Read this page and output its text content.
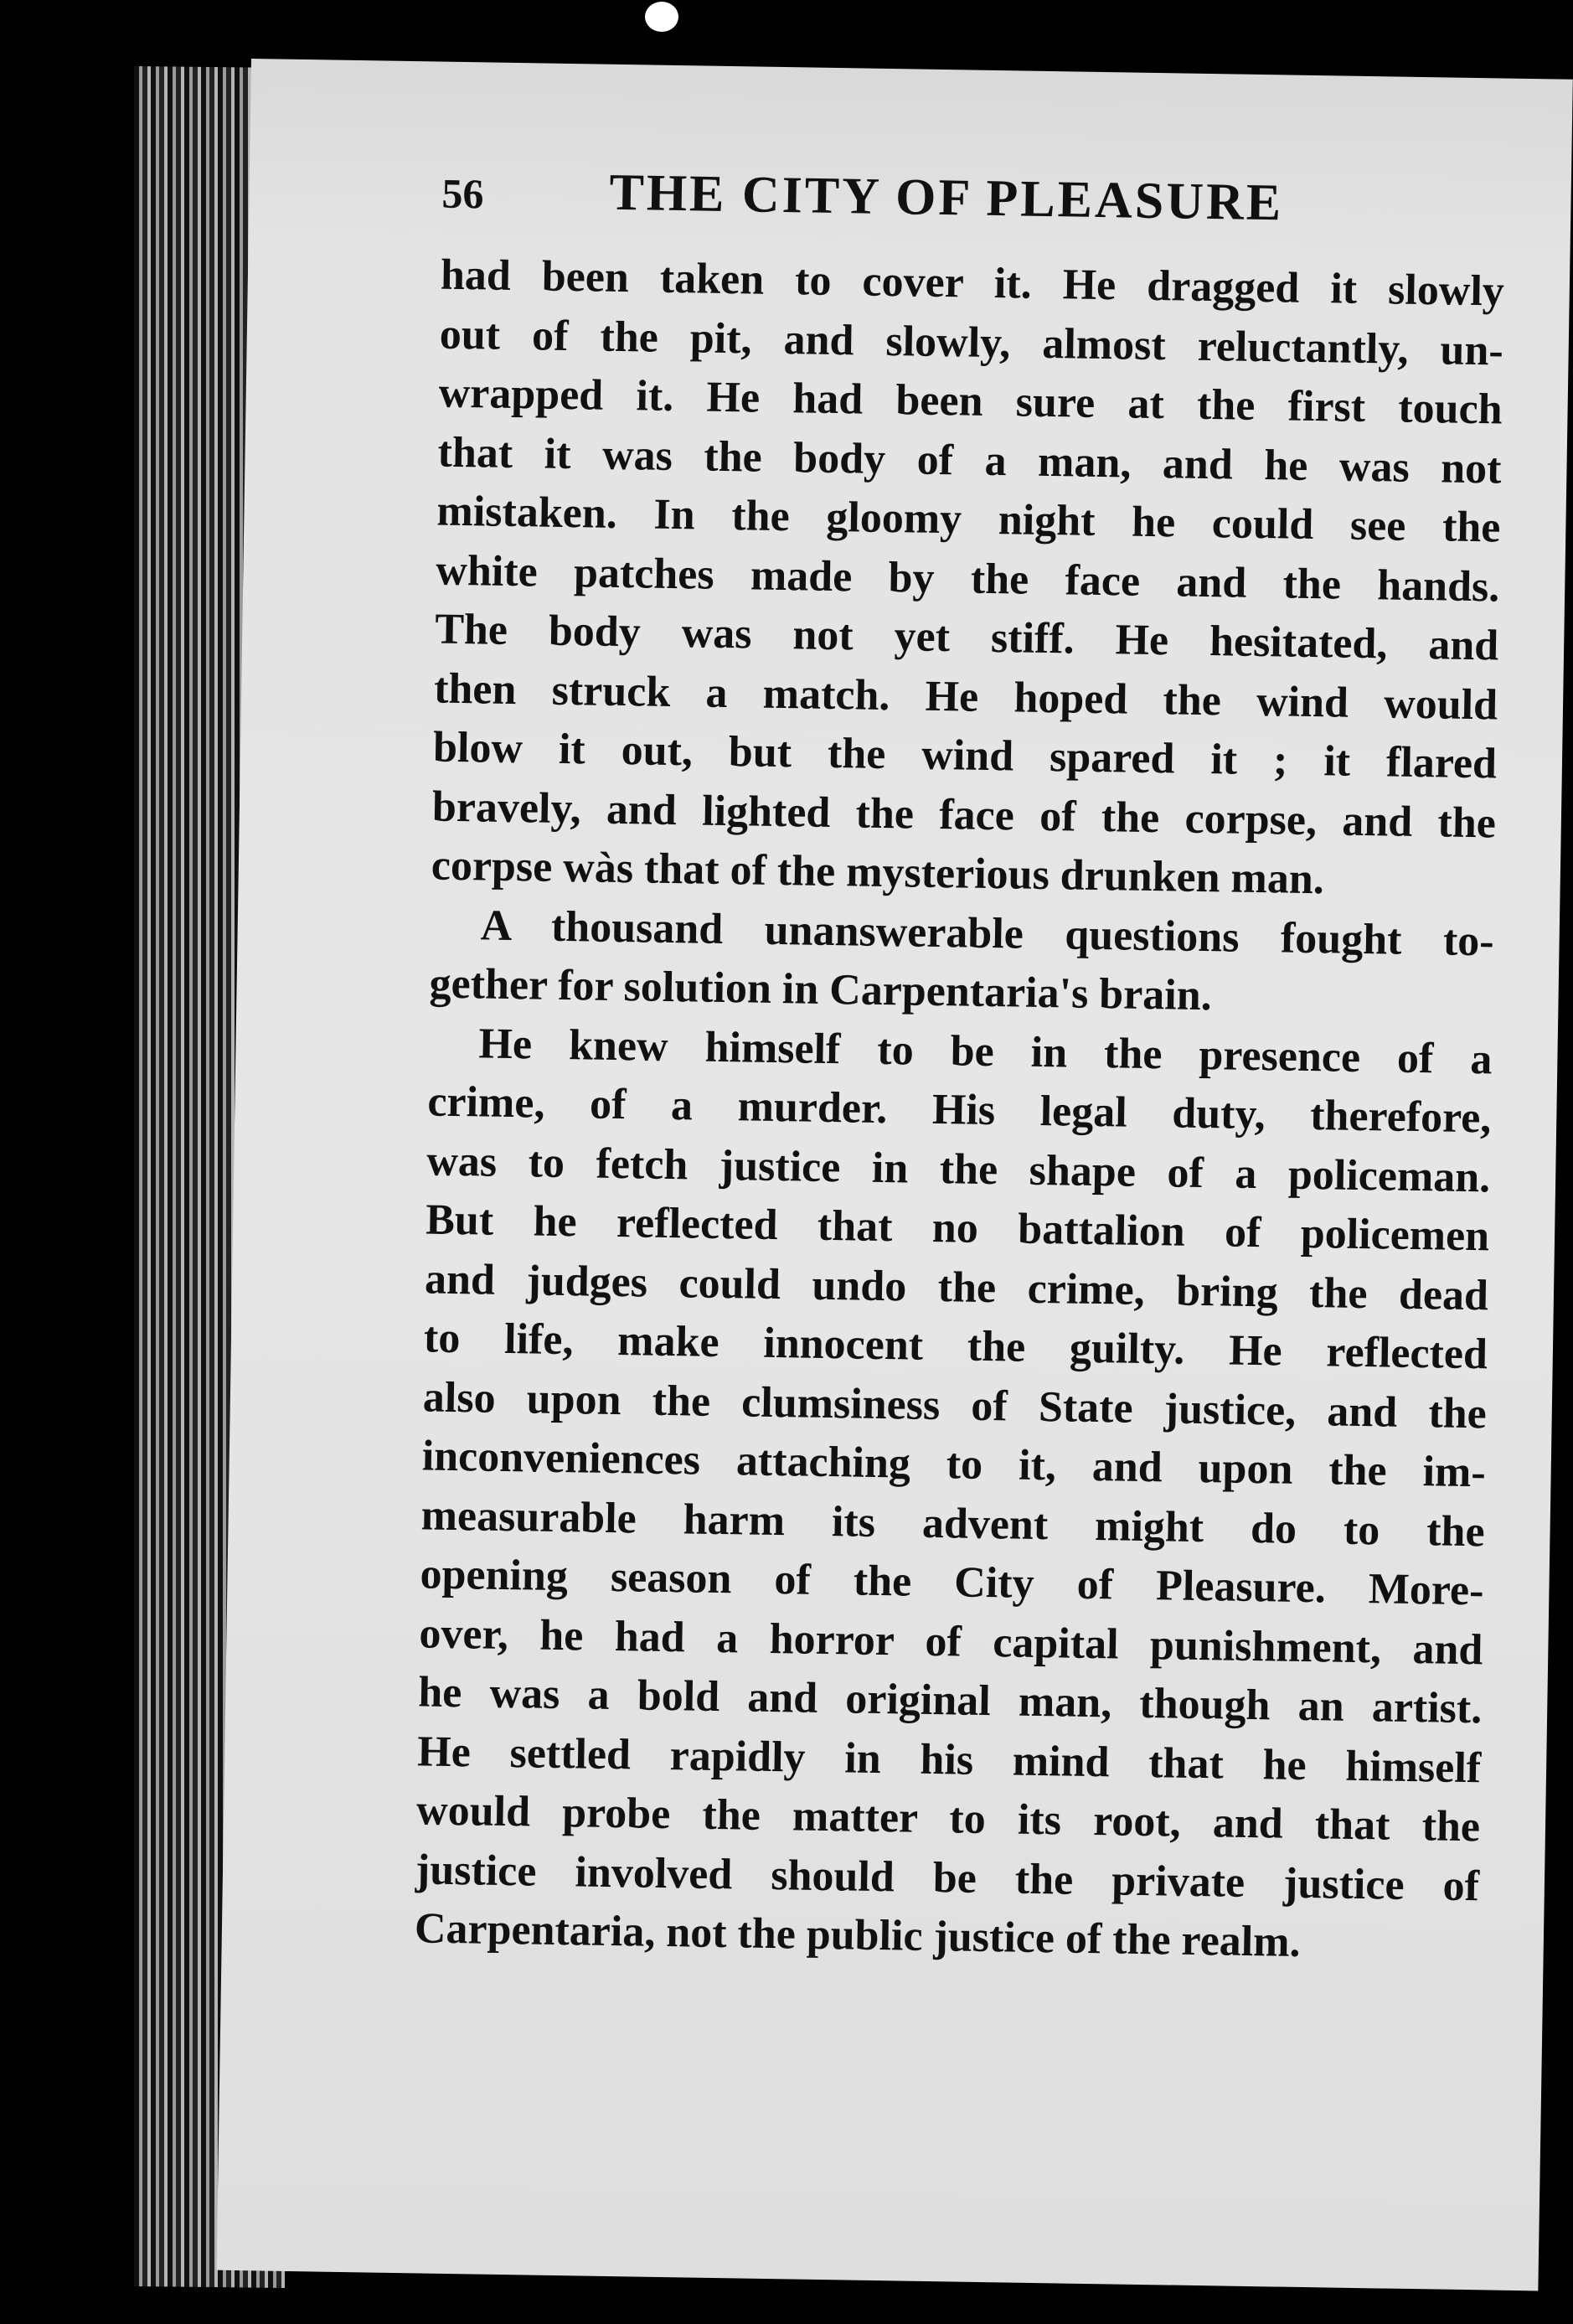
56 THE CITY OF PLEASURE
had been taken to cover it. He dragged it slowly
out of the pit, and slowly, almost reluctantly, un-
wrapped it. He had been sure at the first touch
that it was the body of a man, and he was not
mistaken. In the gloomy night he could see the
white patches made by the face and the hands.
The body was not yet stiff. He hesitated, and
then struck a match. He hoped the wind would
blow it out, but the wind spared it ; it flared
bravely, and lighted the face of the corpse, and the
corpse wàs that of the mysterious drunken man.
A thousand unanswerable questions fought to-
gether for solution in Carpentaria's brain.
He knew himself to be in the presence of a
crime, of a murder. His legal duty, therefore,
was to fetch justice in the shape of a policeman.
But he reflected that no battalion of policemen
and judges could undo the crime, bring the dead
to life, make innocent the guilty. He reflected
also upon the clumsiness of State justice, and the
inconveniences attaching to it, and upon the im-
measurable harm its advent might do to the
opening season of the City of Pleasure. More-
over, he had a horror of capital punishment, and
he was a bold and original man, though an artist.
He settled rapidly in his mind that he himself
would probe the matter to its root, and that the
justice involved should be the private justice of
Carpentaria, not the public justice of the realm.
